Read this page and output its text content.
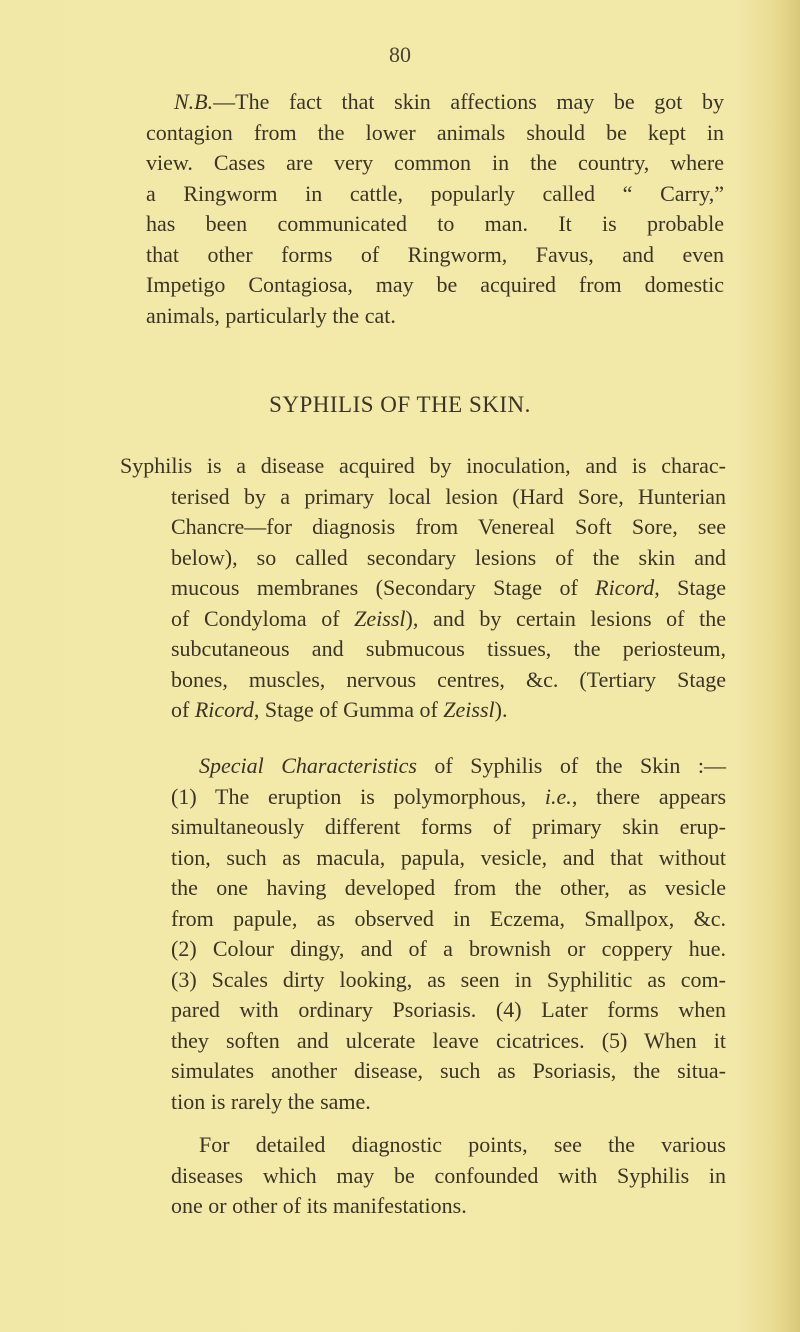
80
N.B.—The fact that skin affections may be got by
contagion from the lower animals should be kept in
view. Cases are very common in the country, where
a Ringworm in cattle, popularly called “ Carry,”
has been communicated to man. It is probable
that other forms of Ringworm, Favus, and even
Impetigo Contagiosa, may be acquired from domestic
animals, particularly the cat.
SYPHILIS OF THE SKIN.
Syphilis is a disease acquired by inoculation, and is charac-
terised by a primary local lesion (Hard Sore, Hunterian
Chancre—for diagnosis from Venereal Soft Sore, see
below), so called secondary lesions of the skin and
mucous membranes (Secondary Stage of Ricord, Stage
of Condyloma of Zeissl), and by certain lesions of the
subcutaneous and submucous tissues, the periosteum,
bones, muscles, nervous centres, &c. (Tertiary Stage
of Ricord, Stage of Gumma of Zeissl).
Special Characteristics of Syphilis of the Skin :—
(1) The eruption is polymorphous, i.e., there appears
simultaneously different forms of primary skin erup-
tion, such as macula, papula, vesicle, and that without
the one having developed from the other, as vesicle
from papule, as observed in Eczema, Smallpox, &c.
(2) Colour dingy, and of a brownish or coppery hue.
(3) Scales dirty looking, as seen in Syphilitic as com-
pared with ordinary Psoriasis. (4) Later forms when
they soften and ulcerate leave cicatrices. (5) When it
simulates another disease, such as Psoriasis, the situa-
tion is rarely the same.
For detailed diagnostic points, see the various
diseases which may be confounded with Syphilis in
one or other of its manifestations.
